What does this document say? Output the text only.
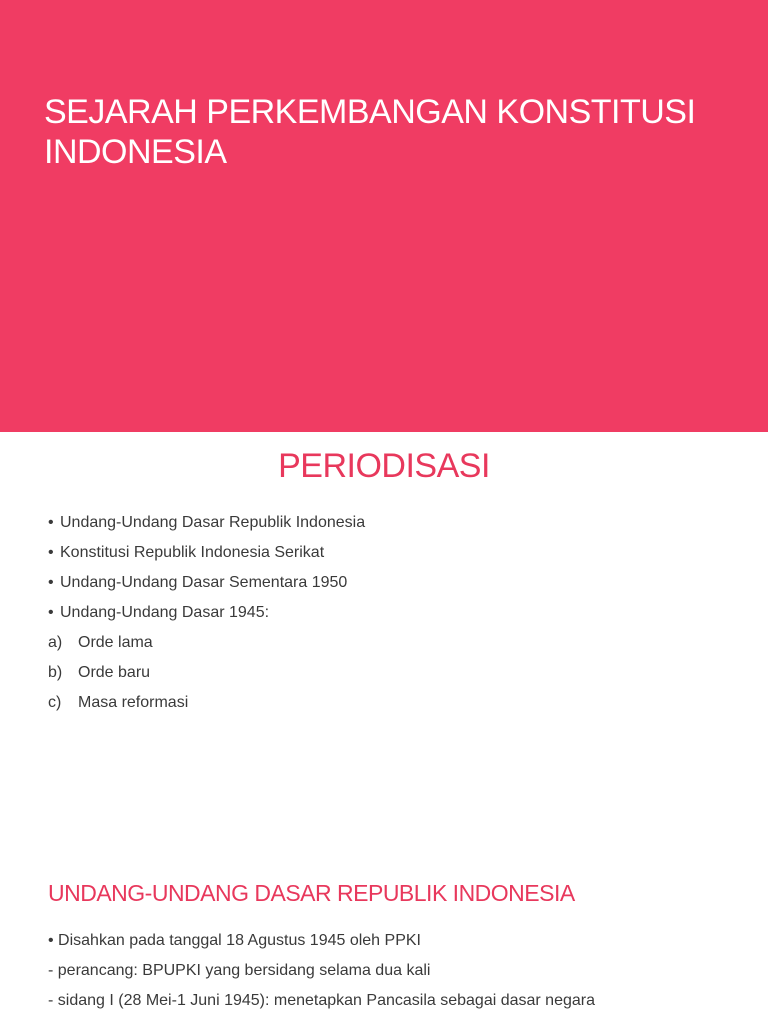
SEJARAH PERKEMBANGAN KONSTITUSI INDONESIA
PERIODISASI
• Undang-Undang Dasar Republik Indonesia
• Konstitusi Republik Indonesia Serikat
• Undang-Undang Dasar Sementara 1950
• Undang-Undang Dasar 1945:
a) Orde lama
b) Orde baru
c) Masa reformasi
UNDANG-UNDANG DASAR REPUBLIK INDONESIA
• Disahkan pada tanggal 18 Agustus 1945 oleh PPKI
- perancang: BPUPKI yang bersidang selama dua kali
- sidang I (28 Mei-1 Juni 1945): menetapkan Pancasila sebagai dasar negara
